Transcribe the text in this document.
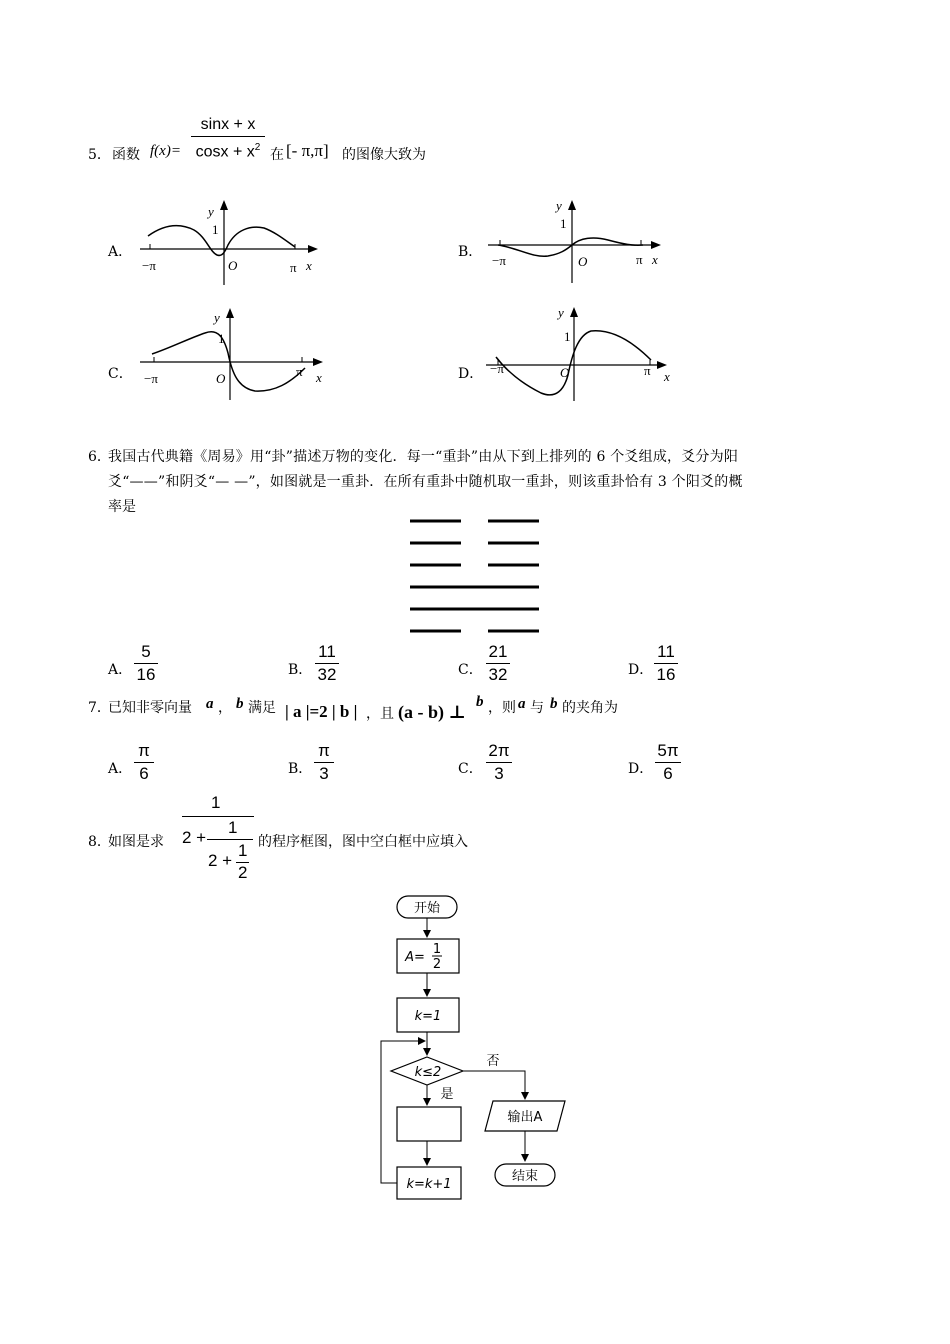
5． 函数 f(x)=
sinx + x
$\cos x + x^2$ 在 [- π,π] 的图像大致为
A．
y
1
−π	O	π x
B．
y
1
−π	O	π x
C．
y
1
−π	O	π x	D．
y
1
−π	O	π x
6．
我国古代典籍《周易》用“卦”描述万物的变化．每一“重卦”由从下到上排列的 6 个爻组成，爻分为阳
爻“——”和阴爻“— —”，如图就是一重卦．在所有重卦中随机取一重卦，则该重卦恰有 3 个阳爻的概
率是
A．
5
16	B．
11
32	C．
21
32	D．
11
16
7．
已知非零向量 a ， b 满足 | a |=2 | b | ，且 (a - b) ⊥ b ，则 a 与 b 的夹角为
A．
π
6	B．
π
3	C．
2π
3	D．
5π
6
8．
如图是求
1
2 +
1
2 +
1
2
的程序框图，图中空白框中应填入
开始
A=
1
2
k=1
k≤2
否
是
k=k+1
输出A
结束
